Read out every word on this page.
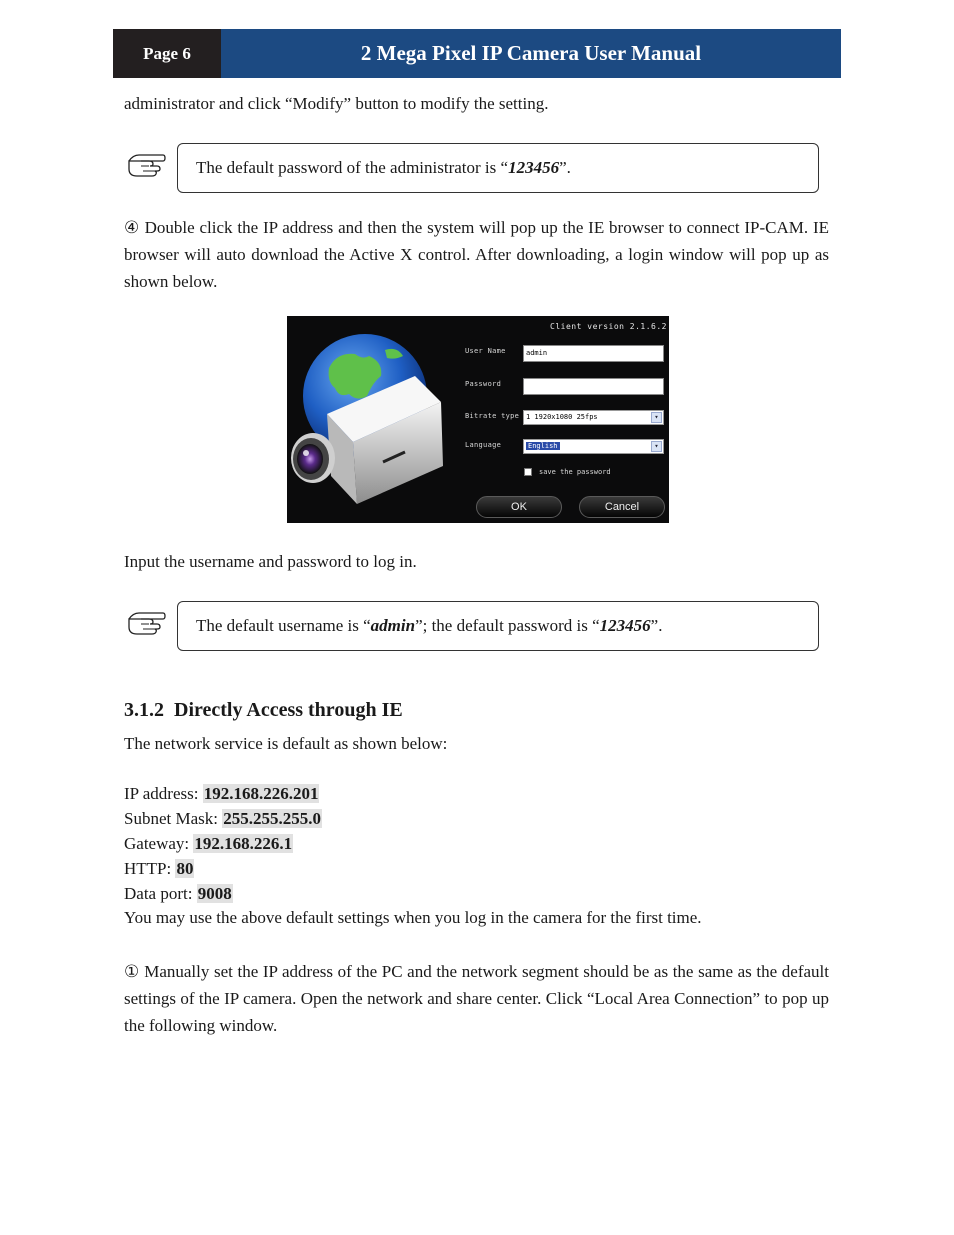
Page 6	2 Mega Pixel IP Camera User Manual

administrator and click “Modify” button to modify the setting.

The default password of the administrator is “123456”.

④ Double click the IP address and then the system will pop up the IE browser to connect IP-CAM. IE browser will auto download the Active X control. After downloading, a login window will pop up as shown below.

Client version 2.1.6.2
User Name	admin
Password
Bitrate type 1 1920x1080 25fps	▾
Language	English	▾
save the password
OK	Cancel

Input the username and password to log in.

The default username is “admin”; the default password is “123456”.
3.1.2 Directly Access through IE

The network service is default as shown below:

IP address: 192.168.226.201
Subnet Mask: 255.255.255.0
Gateway: 192.168.226.1
HTTP: 80
Data port: 9008

You may use the above default settings when you log in the camera for the first time.

① Manually set the IP address of the PC and the network segment should be as the same as the default settings of the IP camera. Open the network and share center. Click “Local Area Connection” to pop up the following window.
